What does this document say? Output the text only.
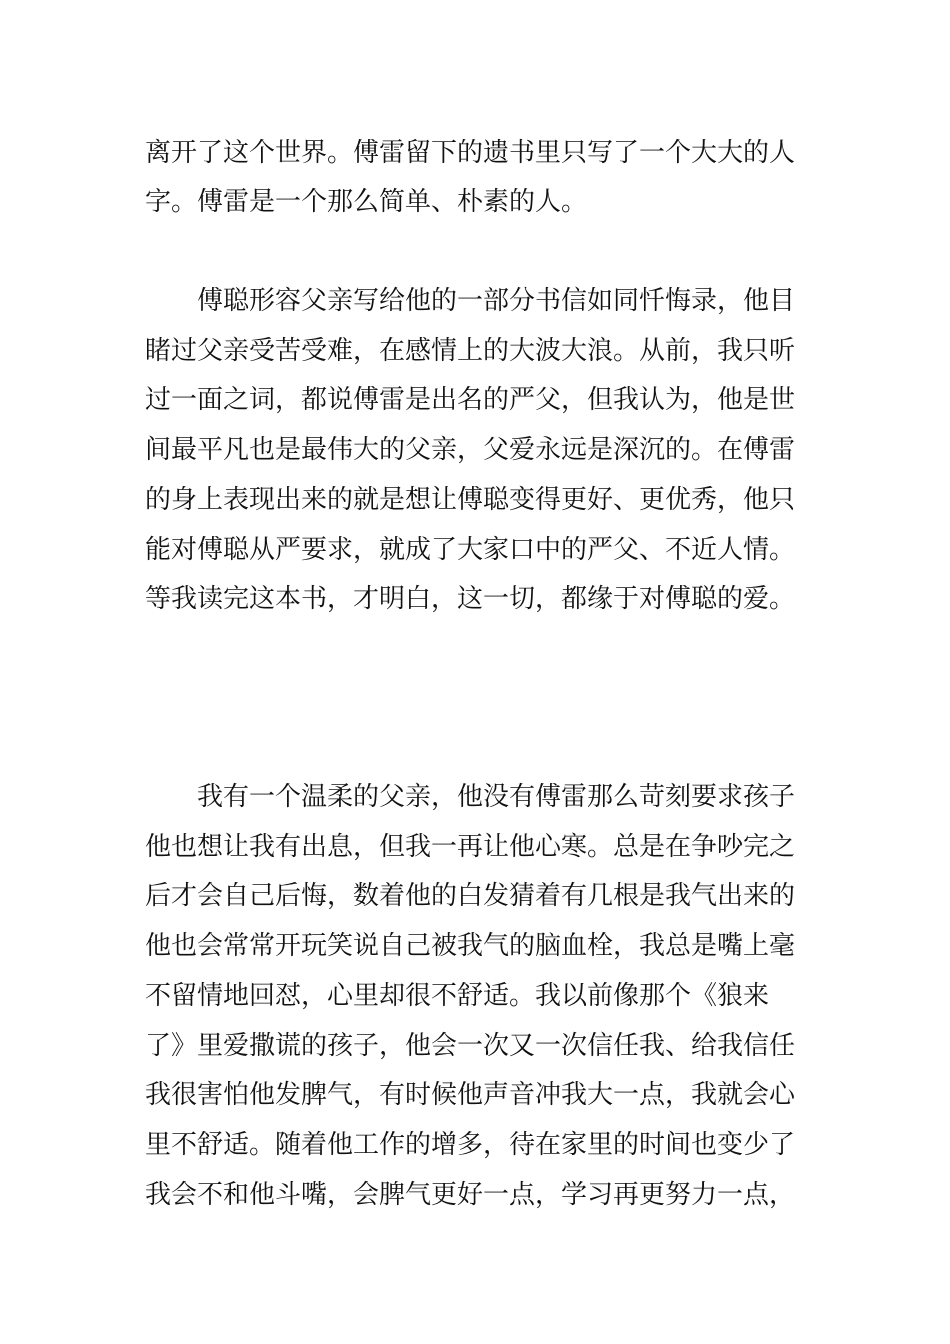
离开了这个世界。傅雷留下的遗书里只写了一个大大的人
字。傅雷是一个那么简单、朴素的人。
傅聪形容父亲写给他的一部分书信如同忏悔录，他目
睹过父亲受苦受难，在感情上的大波大浪。从前，我只听
过一面之词，都说傅雷是出名的严父，但我认为，他是世
间最平凡也是最伟大的父亲，父爱永远是深沉的。在傅雷
的身上表现出来的就是想让傅聪变得更好、更优秀，他只
能对傅聪从严要求，就成了大家口中的严父、不近人情。
等我读完这本书，才明白，这一切，都缘于对傅聪的爱。
我有一个温柔的父亲，他没有傅雷那么苛刻要求孩子
他也想让我有出息，但我一再让他心寒。总是在争吵完之
后才会自己后悔，数着他的白发猜着有几根是我气出来的
他也会常常开玩笑说自己被我气的脑血栓，我总是嘴上毫
不留情地回怼，心里却很不舒适。我以前像那个《狼来
了》里爱撒谎的孩子，他会一次又一次信任我、给我信任
我很害怕他发脾气，有时候他声音冲我大一点，我就会心
里不舒适。随着他工作的增多，待在家里的时间也变少了
我会不和他斗嘴，会脾气更好一点，学习再更努力一点，
